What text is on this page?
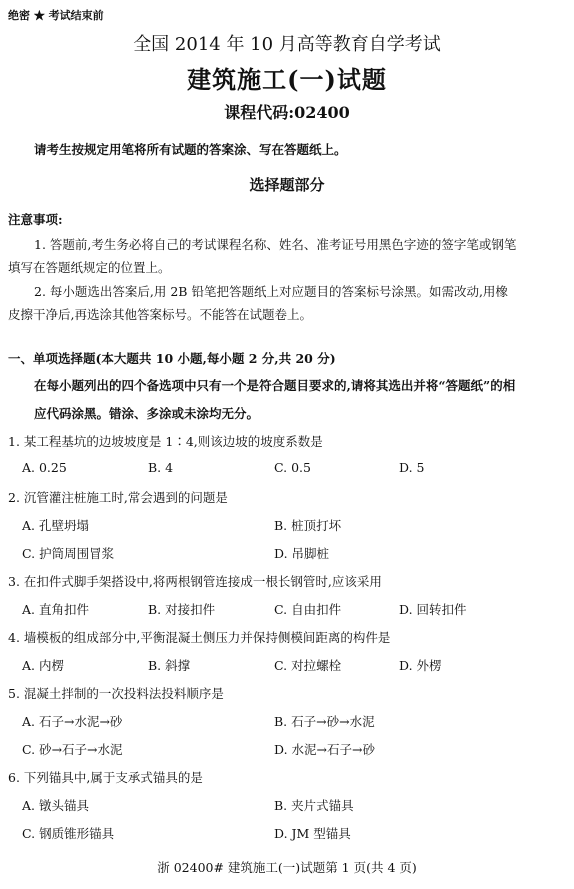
绝密 ★ 考试结束前
全国 2014 年 10 月高等教育自学考试
建筑施工(一)试题
课程代码:02400
请考生按规定用笔将所有试题的答案涂、写在答题纸上。
选择题部分
注意事项:
1. 答题前,考生务必将自己的考试课程名称、姓名、准考证号用黑色字迹的签字笔或钢笔
填写在答题纸规定的位置上。
2. 每小题选出答案后,用 2B 铅笔把答题纸上对应题目的答案标号涂黑。如需改动,用橡
皮擦干净后,再选涂其他答案标号。不能答在试题卷上。
一、单项选择题(本大题共 10 小题,每小题 2 分,共 20 分)
在每小题列出的四个备选项中只有一个是符合题目要求的,请将其选出并将“答题纸”的相
应代码涂黑。错涂、多涂或未涂均无分。
1. 某工程基坑的边坡坡度是 1∶4,则该边坡的坡度系数是
A. 0.25	B. 4	C. 0.5	D. 5
2. 沉管灌注桩施工时,常会遇到的问题是
A. 孔壁坍塌	B. 桩顶打坏
C. 护筒周围冒浆	D. 吊脚桩
3. 在扣件式脚手架搭设中,将两根钢管连接成一根长钢管时,应该采用
A. 直角扣件	B. 对接扣件	C. 自由扣件	D. 回转扣件
4. 墙模板的组成部分中,平衡混凝土侧压力并保持侧模间距离的构件是
A. 内楞	B. 斜撑	C. 对拉螺栓	D. 外楞
5. 混凝土拌制的一次投料法投料顺序是
A. 石子→水泥→砂	B. 石子→砂→水泥
C. 砂→石子→水泥	D. 水泥→石子→砂
6. 下列锚具中,属于支承式锚具的是
A. 镦头锚具	B. 夹片式锚具
C. 钢质锥形锚具	D. JM 型锚具
浙 02400# 建筑施工(一)试题第 1 页(共 4 页)
